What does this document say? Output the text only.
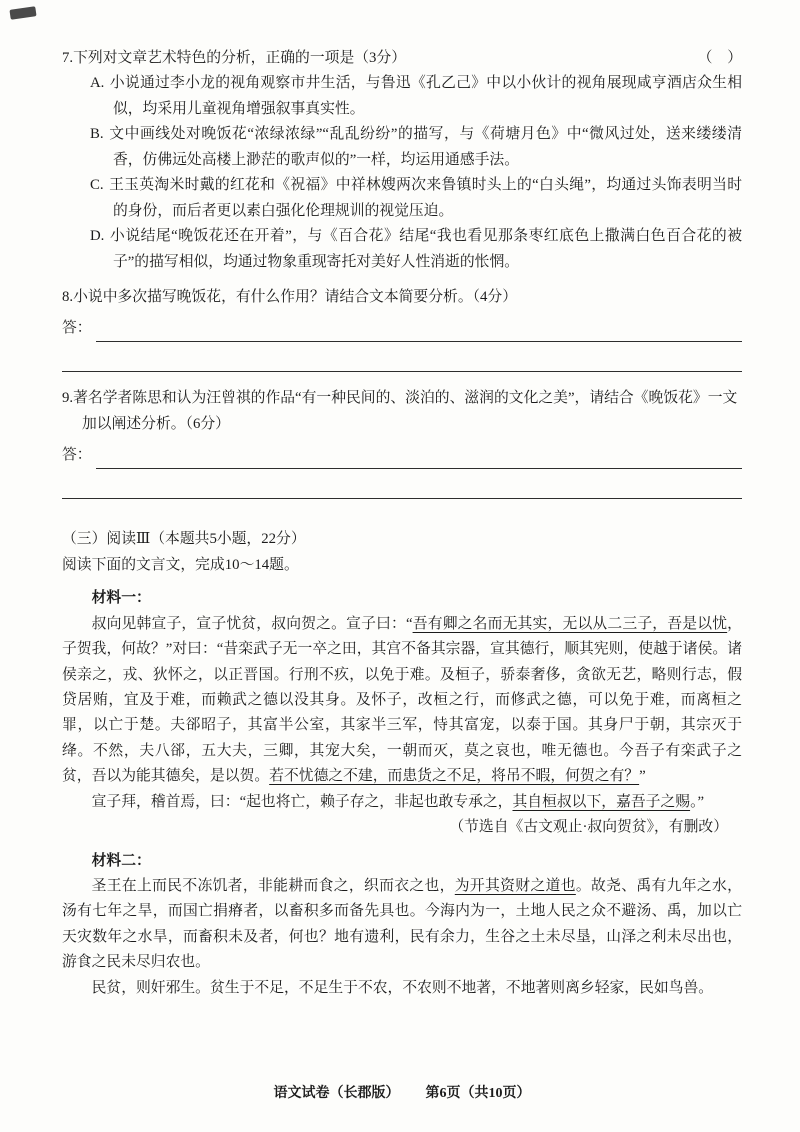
7.下列对文章艺术特色的分析，正确的一项是（3分）	（　）

A. 小说通过李小龙的视角观察市井生活，与鲁迅《孔乙己》中以小伙计的视角展现咸亨酒店众生相似，均采用儿童视角增强叙事真实性。

B. 文中画线处对晚饭花“浓绿浓绿”“乱乱纷纷”的描写，与《荷塘月色》中“微风过处，送来缕缕清香，仿佛远处高楼上渺茫的歌声似的”一样，均运用通感手法。

C. 王玉英淘米时戴的红花和《祝福》中祥林嫂两次来鲁镇时头上的“白头绳”，均通过头饰表明当时的身份，而后者更以素白强化伦理规训的视觉压迫。

D. 小说结尾“晚饭花还在开着”，与《百合花》结尾“我也看见那条枣红底色上撒满白色百合花的被子”的描写相似，均通过物象重现寄托对美好人性消逝的怅惘。

8.小说中多次描写晚饭花，有什么作用？请结合文本简要分析。（4分）

答：

9.著名学者陈思和认为汪曾祺的作品“有一种民间的、淡泊的、滋润的文化之美”，请结合《晚饭花》一文加以阐述分析。（6分）

答：

（三）阅读Ⅲ（本题共5小题，22分）

阅读下面的文言文，完成10～14题。

材料一：

叔向见韩宣子，宣子忧贫，叔向贺之。宣子曰：“吾有卿之名而无其实，无以从二三子，吾是以忧，子贺我，何故？”对曰：“昔栾武子无一卒之田，其宫不备其宗器，宣其德行，顺其宪则，使越于诸侯。诸侯亲之，戎、狄怀之，以正晋国。行刑不疚，以免于难。及桓子，骄泰奢侈，贪欲无艺，略则行志，假贷居贿，宜及于难，而赖武之德以没其身。及怀子，改桓之行，而修武之德，可以免于难，而离桓之罪，以亡于楚。夫郤昭子，其富半公室，其家半三军，恃其富宠，以泰于国。其身尸于朝，其宗灭于绛。不然，夫八郤，五大夫，三卿，其宠大矣，一朝而灭，莫之哀也，唯无德也。今吾子有栾武子之贫，吾以为能其德矣，是以贺。若不忧德之不建，而患货之不足，将吊不暇，何贺之有？”

宣子拜，稽首焉，曰：“起也将亡，赖子存之，非起也敢专承之，其自桓叔以下，嘉吾子之赐。”

（节选自《古文观止·叔向贺贫》，有删改）

材料二：

圣王在上而民不冻饥者，非能耕而食之，织而衣之也，为开其资财之道也。故尧、禹有九年之水，汤有七年之旱，而国亡捐瘠者，以畜积多而备先具也。今海内为一，土地人民之众不避汤、禹，加以亡天灾数年之水旱，而畜积未及者，何也？地有遗利，民有余力，生谷之土未尽垦，山泽之利未尽出也，游食之民未尽归农也。

民贫，则奸邪生。贫生于不足，不足生于不农，不农则不地著，不地著则离乡轻家，民如鸟兽。

语文试卷（长郡版） 第6页（共10页）
